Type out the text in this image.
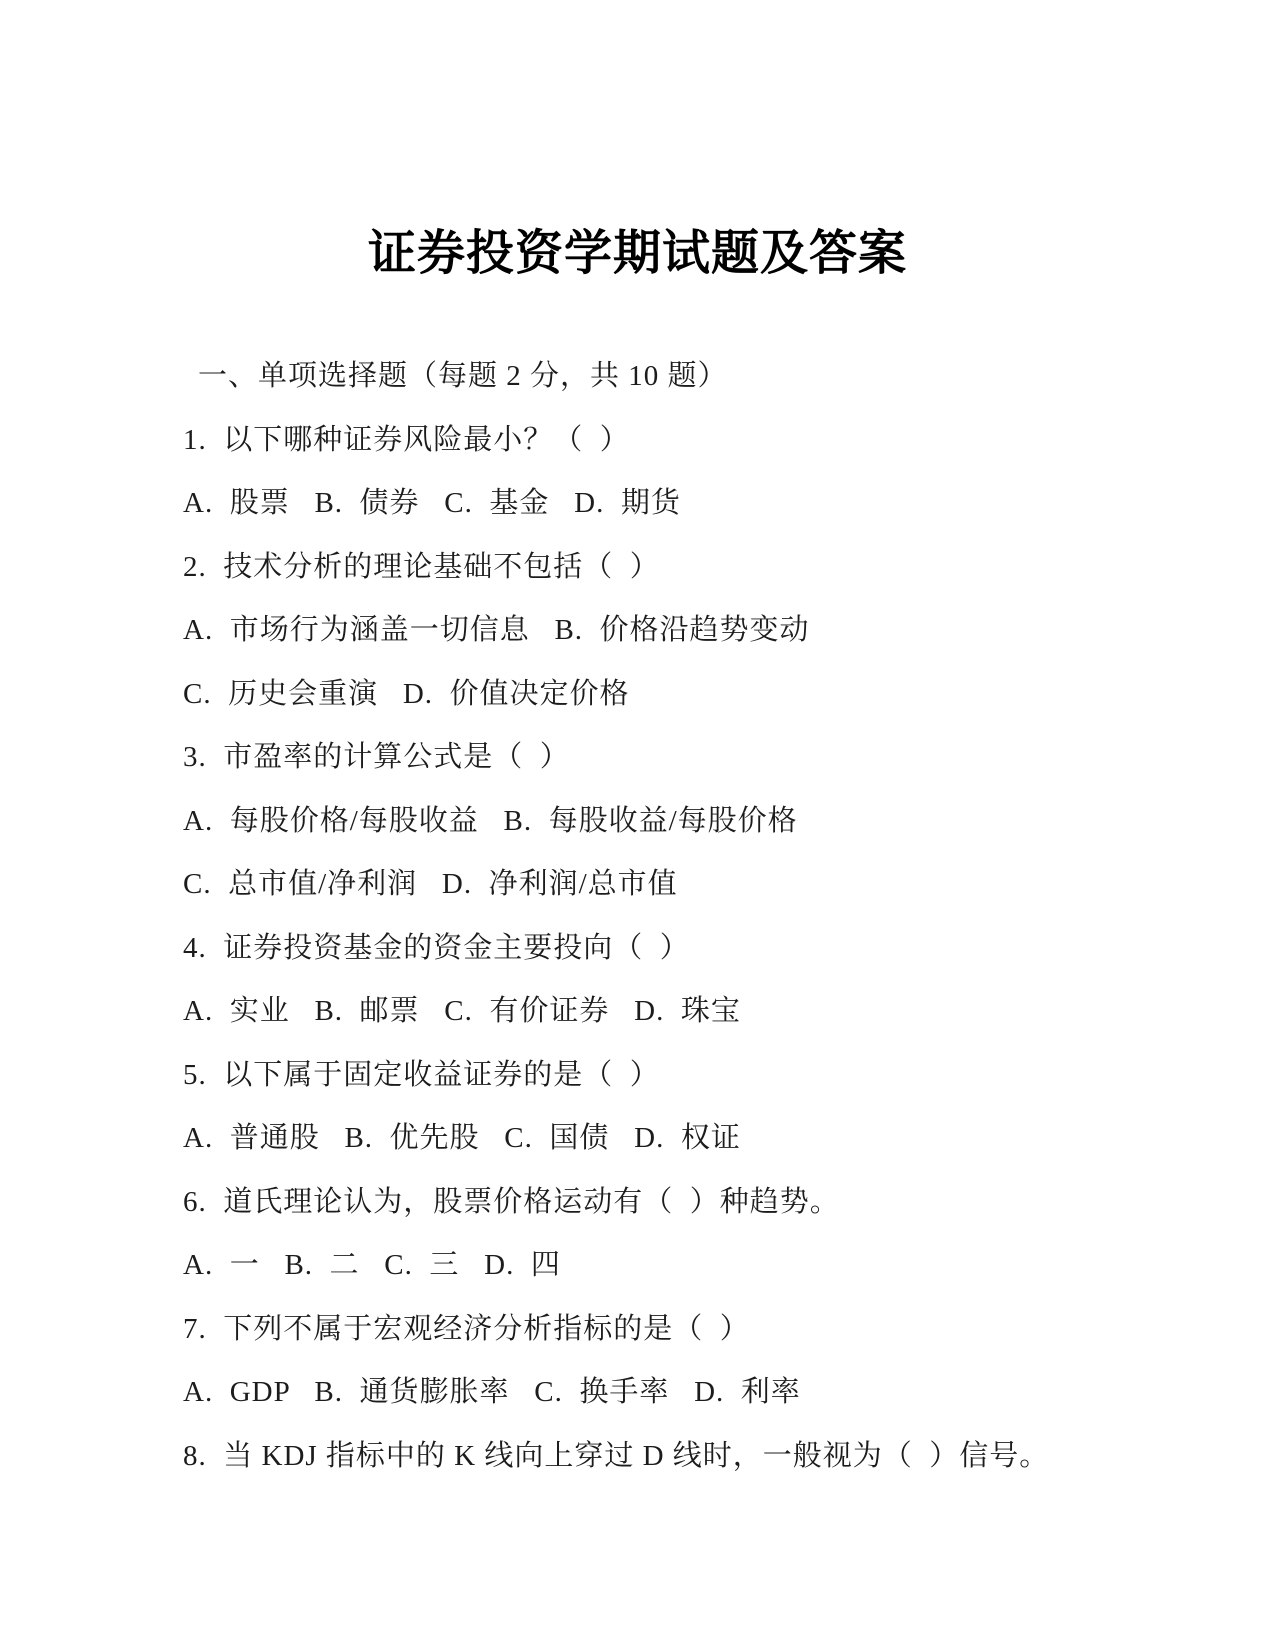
证券投资学期试题及答案
一、单项选择题（每题 2 分，共 10 题）
1.  以下哪种证券风险最小？（  ）
A.  股票   B.  债券   C.  基金   D.  期货
2.  技术分析的理论基础不包括（  ）
A.  市场行为涵盖一切信息   B.  价格沿趋势变动
C.  历史会重演   D.  价值决定价格
3.  市盈率的计算公式是（  ）
A.  每股价格/每股收益   B.  每股收益/每股价格
C.  总市值/净利润   D.  净利润/总市值
4.  证券投资基金的资金主要投向（  ）
A.  实业   B.  邮票   C.  有价证券   D.  珠宝
5.  以下属于固定收益证券的是（  ）
A.  普通股   B.  优先股   C.  国债   D.  权证
6.  道氏理论认为，股票价格运动有（  ）种趋势。
A.  一   B.  二   C.  三   D.  四
7.  下列不属于宏观经济分析指标的是（  ）
A.  GDP   B.  通货膨胀率   C.  换手率   D.  利率
8.  当 KDJ 指标中的 K 线向上穿过 D 线时，一般视为（  ）信号。
